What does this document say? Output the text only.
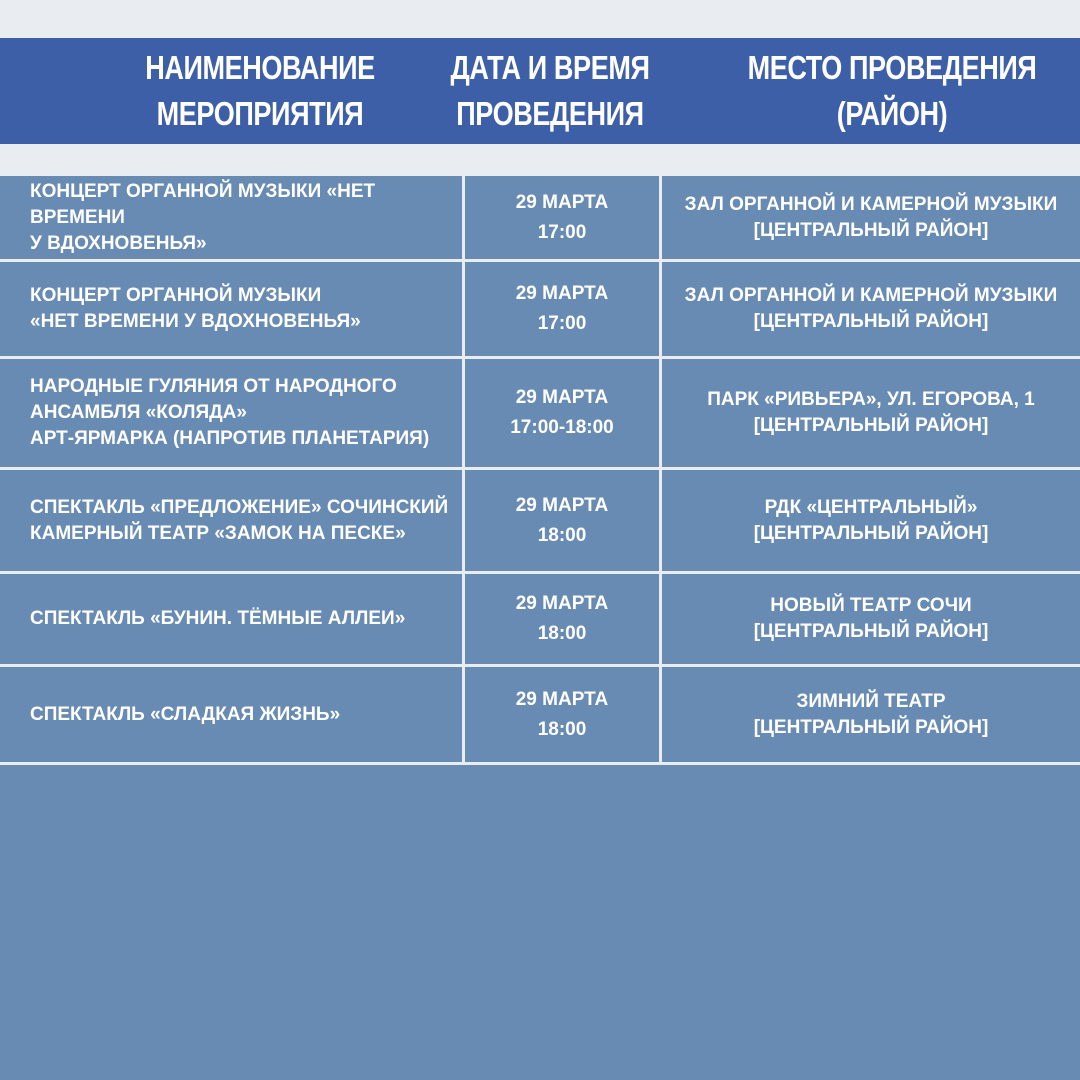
НАИМЕНОВАНИЕ
МЕРОПРИЯТИЯ
ДАТА И ВРЕМЯ
ПРОВЕДЕНИЯ
МЕСТО ПРОВЕДЕНИЯ
(РАЙОН)
КОНЦЕРТ ОРГАННОЙ МУЗЫКИ «НЕТ ВРЕМЕНИ
У ВДОХНОВЕНЬЯ»
29 МАРТА
17:00
ЗАЛ ОРГАННОЙ И КАМЕРНОЙ МУЗЫКИ
[ЦЕНТРАЛЬНЫЙ РАЙОН]
КОНЦЕРТ ОРГАННОЙ МУЗЫКИ
«НЕТ ВРЕМЕНИ У ВДОХНОВЕНЬЯ»
29 МАРТА
17:00
ЗАЛ ОРГАННОЙ И КАМЕРНОЙ МУЗЫКИ
[ЦЕНТРАЛЬНЫЙ РАЙОН]
НАРОДНЫЕ ГУЛЯНИЯ ОТ НАРОДНОГО
АНСАМБЛЯ «КОЛЯДА»
АРТ-ЯРМАРКА (НАПРОТИВ ПЛАНЕТАРИЯ)
29 МАРТА
17:00-18:00
ПАРК «РИВЬЕРА», УЛ. ЕГОРОВА, 1
[ЦЕНТРАЛЬНЫЙ РАЙОН]
СПЕКТАКЛЬ «ПРЕДЛОЖЕНИЕ» СОЧИНСКИЙ
КАМЕРНЫЙ ТЕАТР «ЗАМОК НА ПЕСКЕ»
29 МАРТА
18:00
РДК «ЦЕНТРАЛЬНЫЙ»
[ЦЕНТРАЛЬНЫЙ РАЙОН]
СПЕКТАКЛЬ «БУНИН. ТЁМНЫЕ АЛЛЕИ»
29 МАРТА
18:00
НОВЫЙ ТЕАТР СОЧИ
[ЦЕНТРАЛЬНЫЙ РАЙОН]
СПЕКТАКЛЬ «СЛАДКАЯ ЖИЗНЬ»
29 МАРТА
18:00
ЗИМНИЙ ТЕАТР
[ЦЕНТРАЛЬНЫЙ РАЙОН]
